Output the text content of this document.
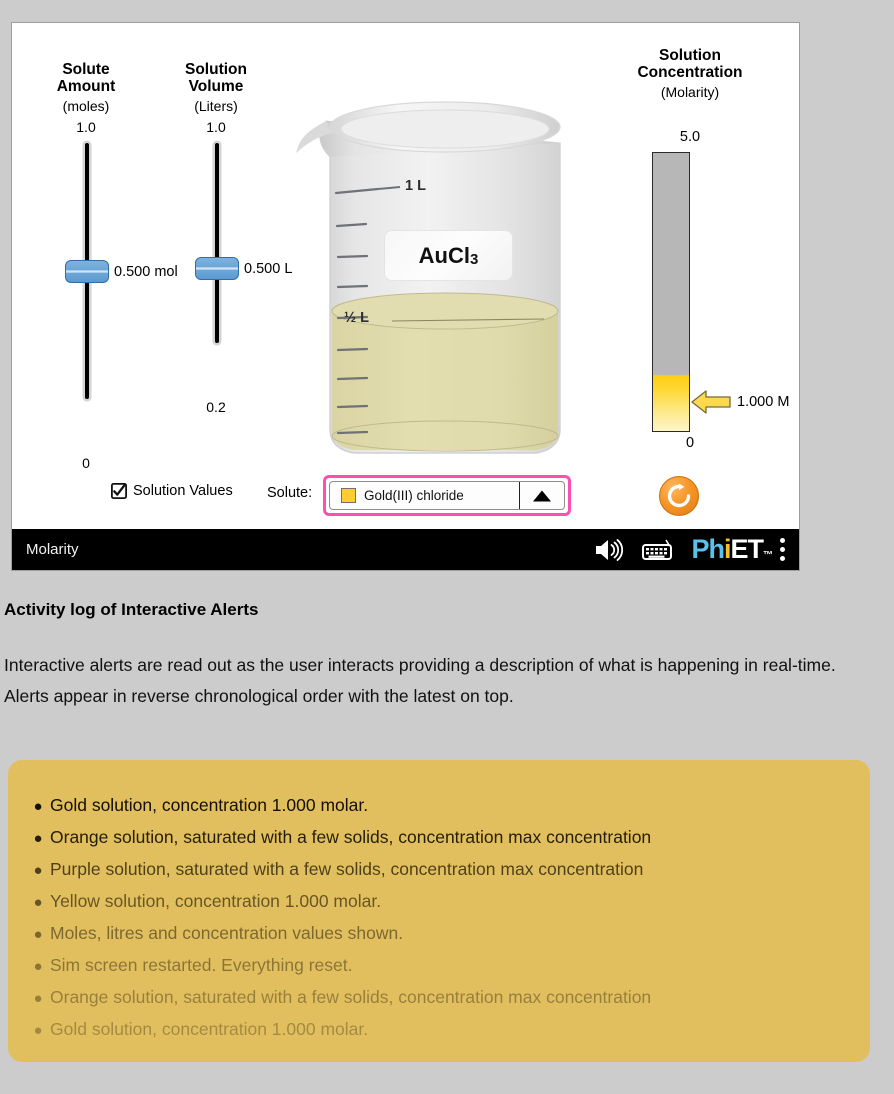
Solute
Amount
(moles)
1.0
0.500 mol
0
Solution
Volume
(Liters)
1.0
0.500 L
0.2
1 L
½ L
AuCl$_3$
Solution
Concentration
(Molarity)
5.0
0
1.000 M
Solution Values Solute:	Gold(III) chloride
Molarity	Ph i ET ™
Activity log of Interactive Alerts
Interactive alerts are read out as the user interacts providing a description of what is happening in real-time. Alerts appear in reverse chronological order with the latest on top.
● Gold solution, concentration 1.000 molar.
● Orange solution, saturated with a few solids, concentration max concentration
● Purple solution, saturated with a few solids, concentration max concentration
● Yellow solution, concentration 1.000 molar.
● Moles, litres and concentration values shown.
● Sim screen restarted. Everything reset.
● Orange solution, saturated with a few solids, concentration max concentration
● Gold solution, concentration 1.000 molar.
